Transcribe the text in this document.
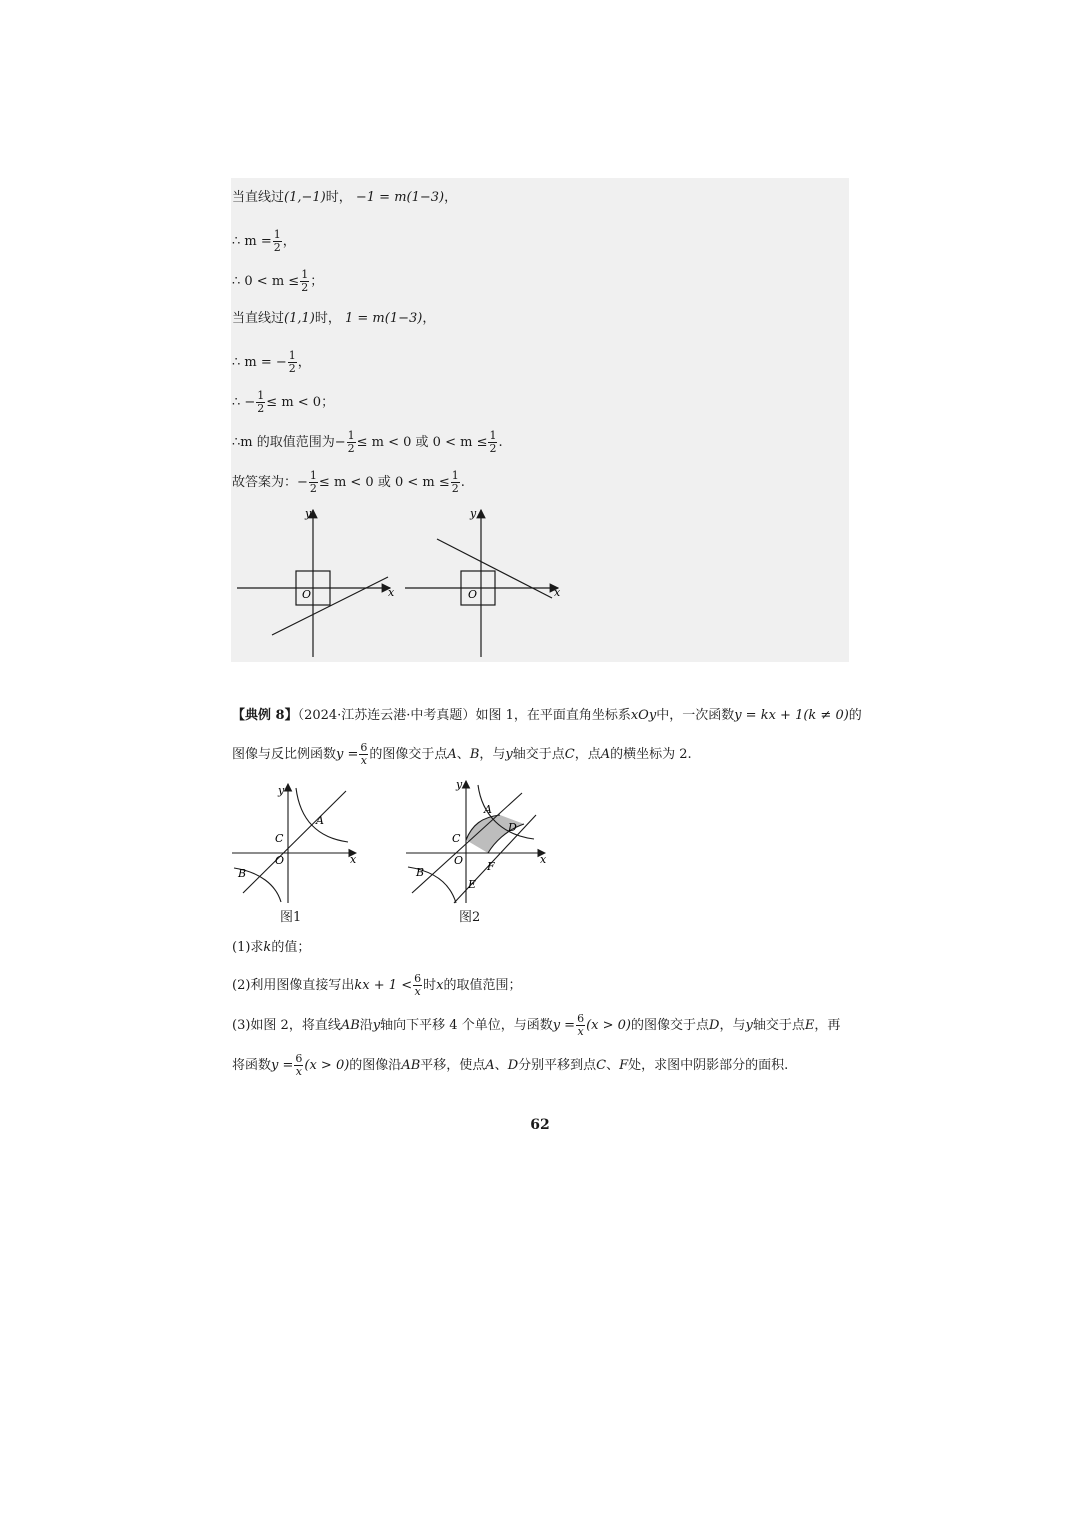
当直线过(1,−1)时， −1 = m(1−3)，
∴ $m = \frac{1}{2}$ ，
∴ $0 < m \le \frac{1}{2}$ ；
当直线过(1,1)时， 1 = m(1−3)，
∴ m = − $\frac{1}{2}$ ，
∴ − $\frac{1}{2} \le m < 0$；
∴m 的取值范围为− $\frac{1}{2} \le m < 0$ 或 $0 < m \le \frac{1}{2}$ .
故答案为：− $\frac{1}{2} \le m < 0$ 或 $0 < m \le \frac{1}{2}$ .
y
x
O
y
x
O
【典例 8】（2024·江苏连云港·中考真题）如图 1，在平面直角坐标系xOy中，一次函数y = kx + 1(k ≠ 0)的
图像与反比例函数$y = \frac{6}{x}$ 的图像交于点A、B，与y轴交于点C，点A的横坐标为 2.
y
x
O
A
B
C
图1
y
x
O
A
B
C
D
E
F
图2
(1)求k的值；
(2)利用图像直接写出kx + $1 < \frac{6}{x}$ 时x的取值范围；
(3)如图 2，将直线AB沿y轴向下平移 4 个单位，与函数$y = \frac{6}{x} (x > 0)$的图像交于点D，与y轴交于点E，再
将函数$y = \frac{6}{x} (x > 0)$的图像沿AB平移，使点A、D分别平移到点C、F处，求图中阴影部分的面积.
62
